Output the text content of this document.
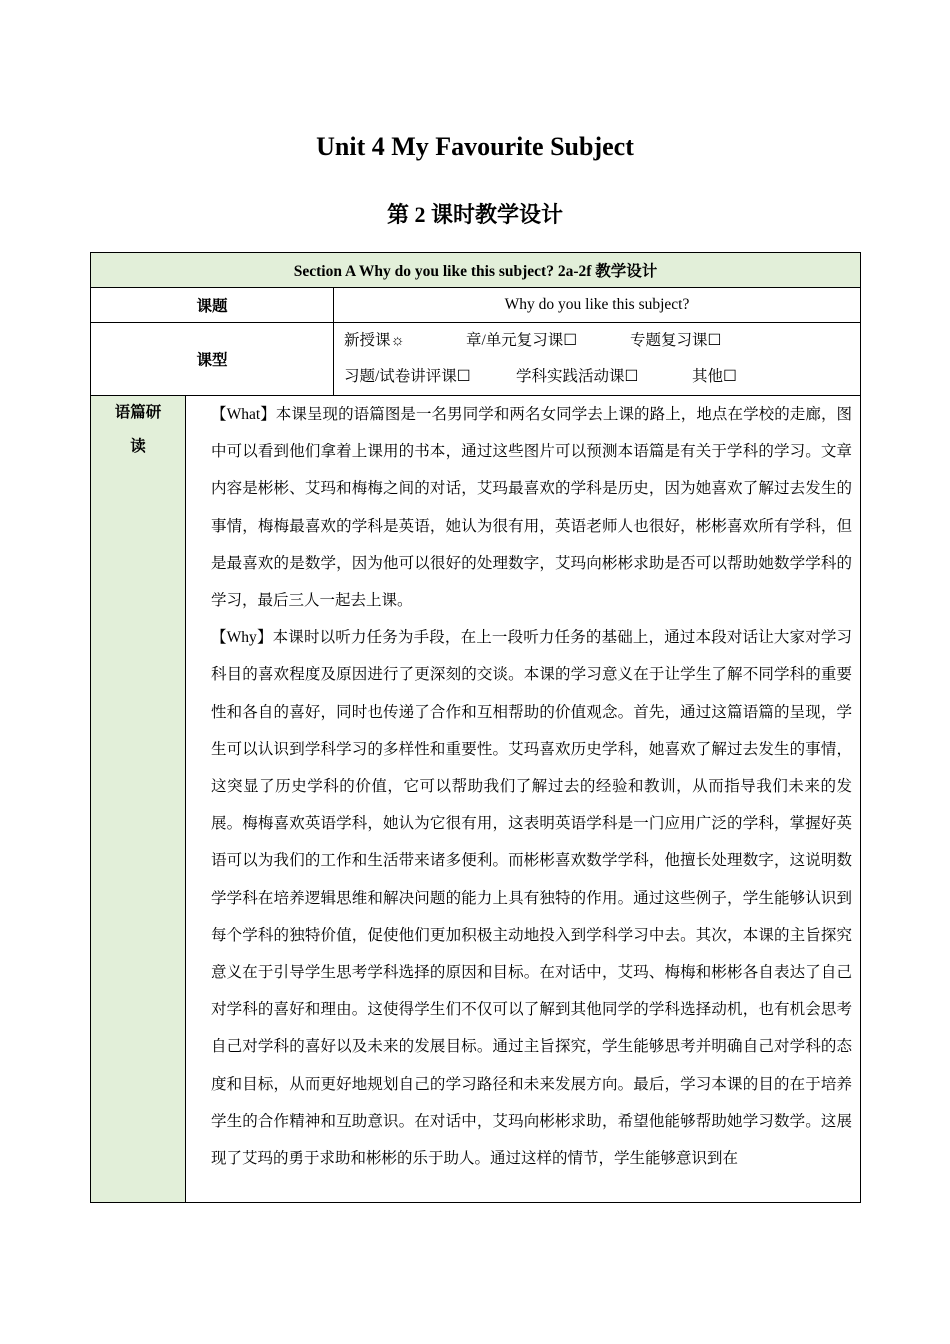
Unit 4 My Favourite Subject
第 2 课时教学设计
Section A Why do you like this subject? 2a-2f 教学设计		
课题		Why do you like this subject?
课型		新授课☼ 章/单元复习课☐ 专题复习课☐
习题/试卷讲评课☐ 学科实践活动课☐ 其他☐

语篇研读	【What】本课呈现的语篇图是一名男同学和两名女同学去上课的路上，地点在学校的走廊，图中可以看到他们拿着上课用的书本，通过这些图片可以预测本语篇是有关于学科的学习。文章内容是彬彬、艾玛和梅梅之间的对话，艾玛最喜欢的学科是历史，因为她喜欢了解过去发生的事情，梅梅最喜欢的学科是英语，她认为很有用，英语老师人也很好，彬彬喜欢所有学科，但是最喜欢的是数学，因为他可以很好的处理数字，艾玛向彬彬求助是否可以帮助她数学学科的学习，最后三人一起去上课。

【Why】本课时以听力任务为手段，在上一段听力任务的基础上，通过本段对话让大家对学习科目的喜欢程度及原因进行了更深刻的交谈。本课的学习意义在于让学生了解不同学科的重要性和各自的喜好，同时也传递了合作和互相帮助的价值观念。首先，通过这篇语篇的呈现，学生可以认识到学科学习的多样性和重要性。艾玛喜欢历史学科，她喜欢了解过去发生的事情，这突显了历史学科的价值，它可以帮助我们了解过去的经验和教训，从而指导我们未来的发展。梅梅喜欢英语学科，她认为它很有用，这表明英语学科是一门应用广泛的学科，掌握好英语可以为我们的工作和生活带来诸多便利。而彬彬喜欢数学学科，他擅长处理数字，这说明数学学科在培养逻辑思维和解决问题的能力上具有独特的作用。通过这些例子，学生能够认识到每个学科的独特价值，促使他们更加积极主动地投入到学科学习中去。其次，本课的主旨探究意义在于引导学生思考学科选择的原因和目标。在对话中，艾玛、梅梅和彬彬各自表达了自己对学科的喜好和理由。这使得学生们不仅可以了解到其他同学的学科选择动机，也有机会思考自己对学科的喜好以及未来的发展目标。通过主旨探究，学生能够思考并明确自己对学科的态度和目标，从而更好地规划自己的学习路径和未来发展方向。最后，学习本课的目的在于培养学生的合作精神和互助意识。在对话中，艾玛向彬彬求助，希望他能够帮助她学习数学。这展现了艾玛的勇于求助和彬彬的乐于助人。通过这样的情节，学生能够意识到在	
